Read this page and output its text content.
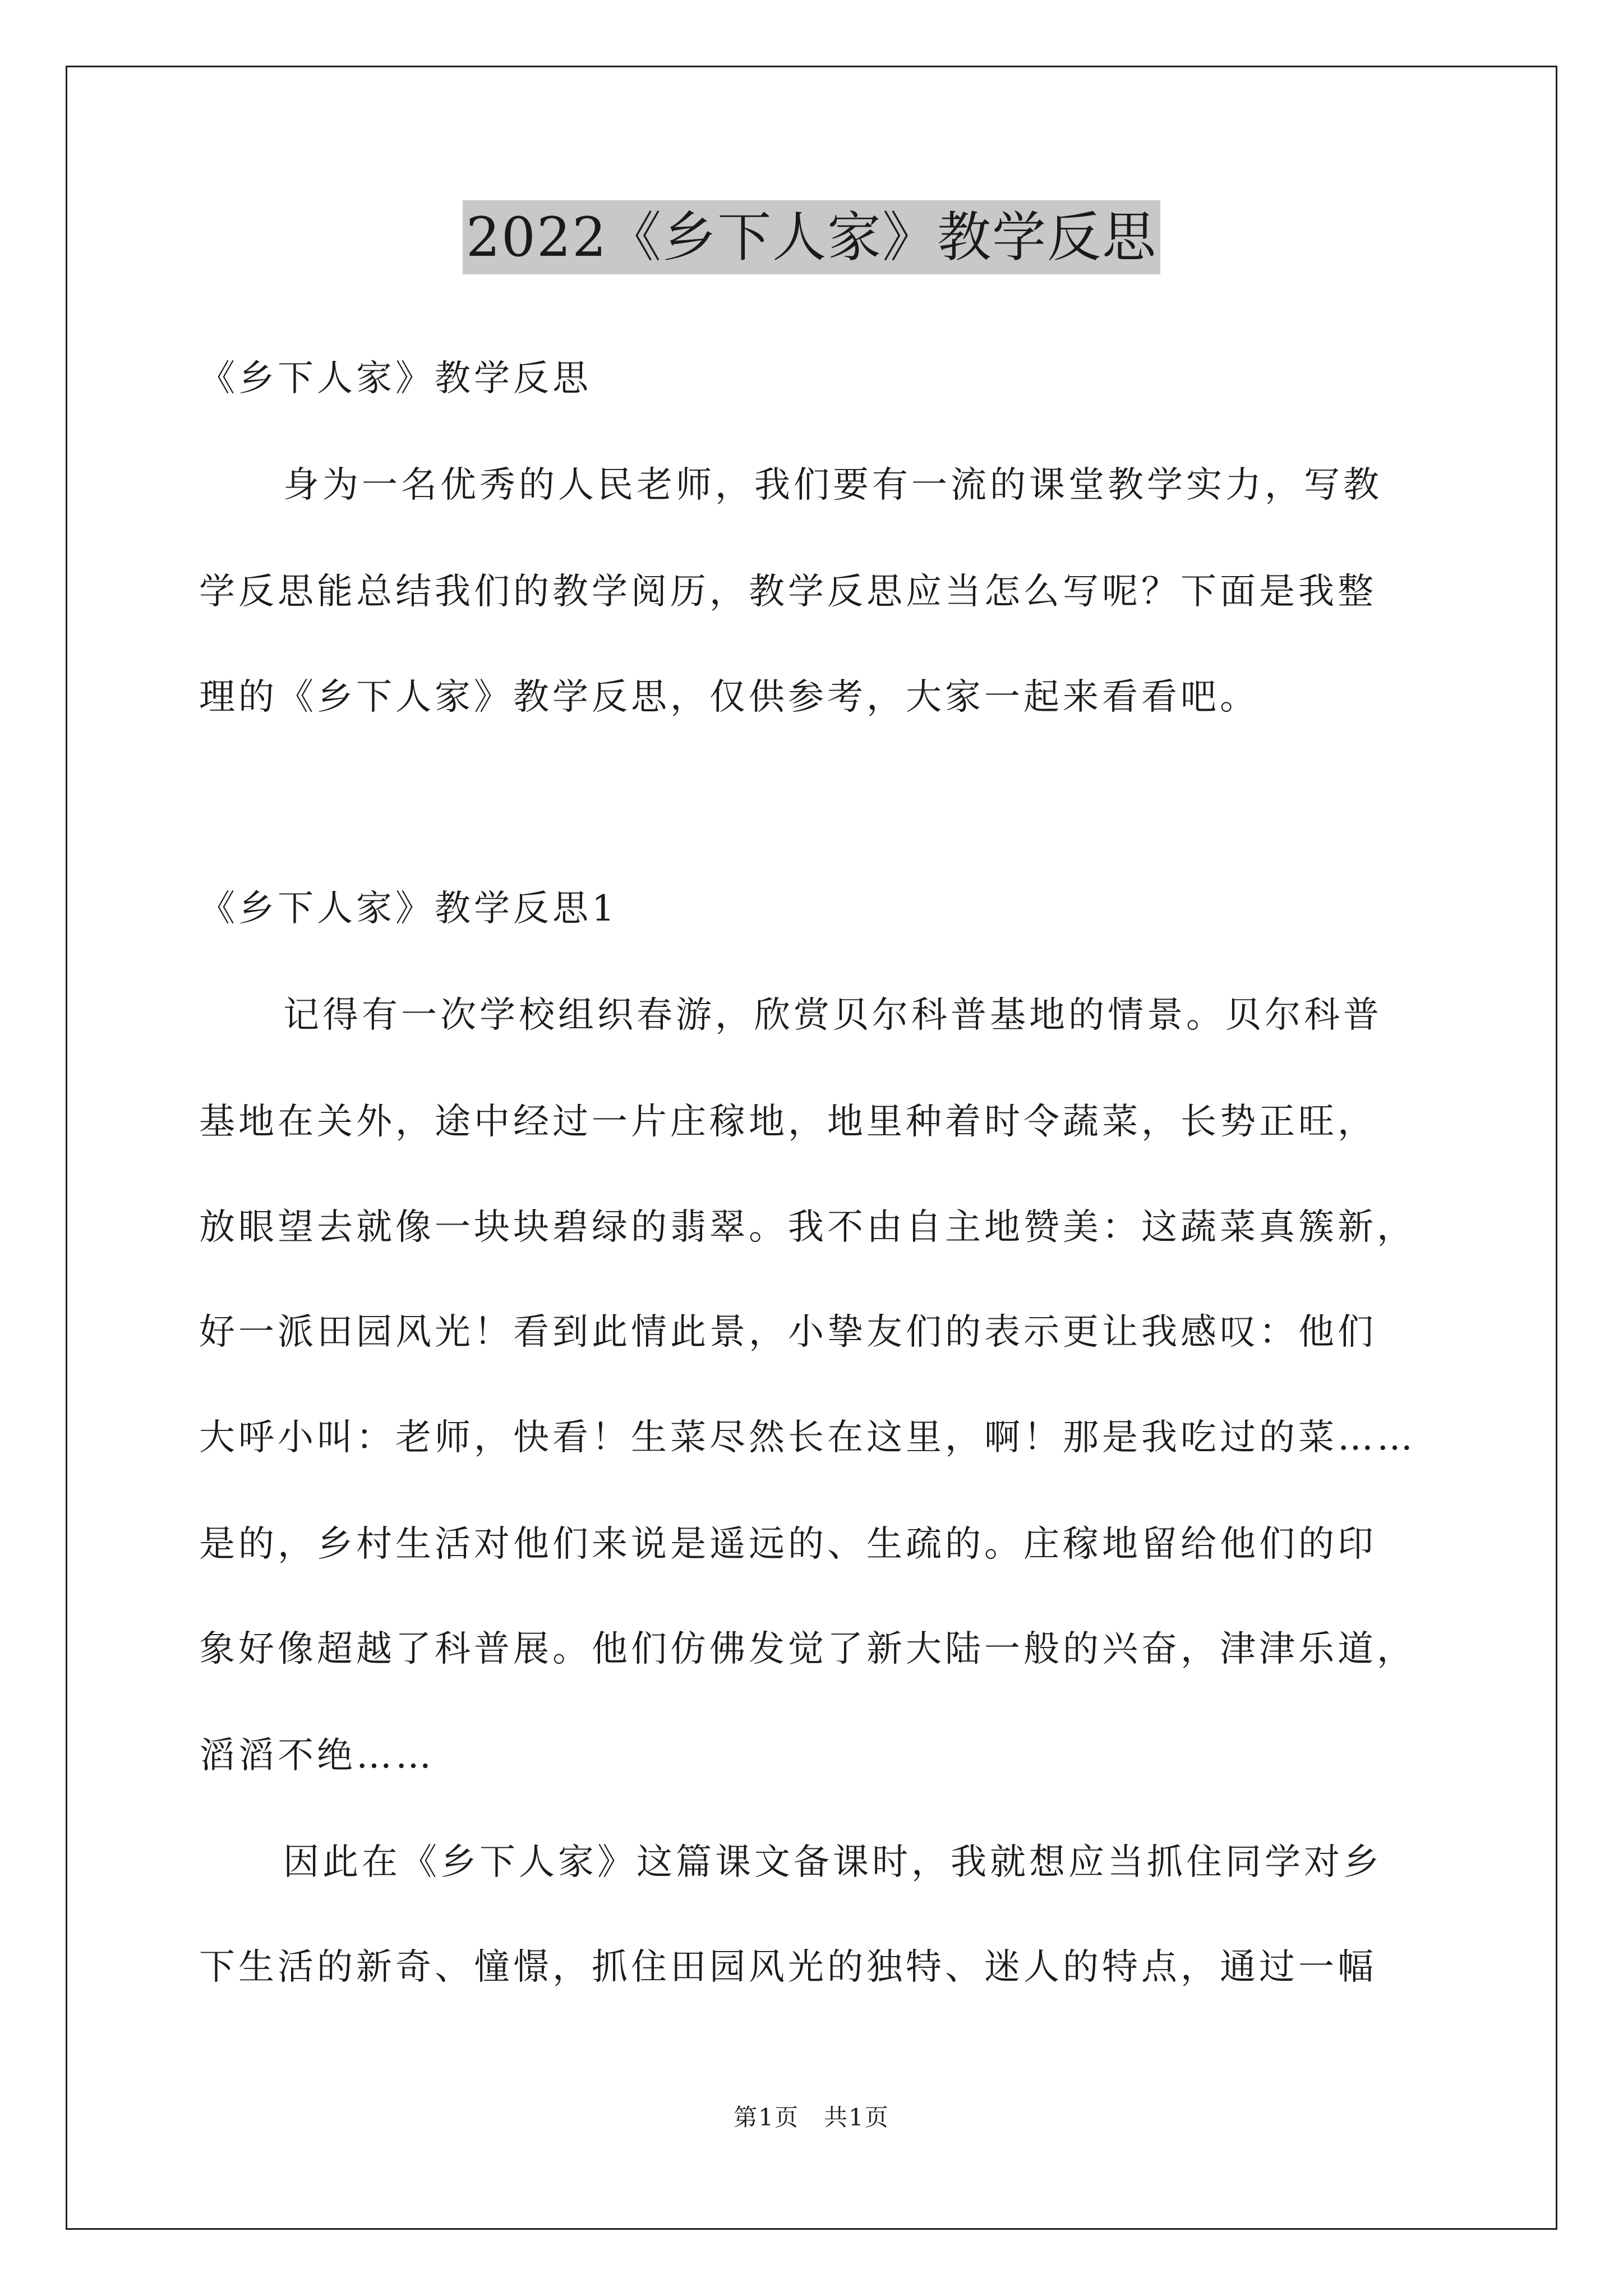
2022《乡下人家》教学反思
《乡下人家》教学反思
身为一名优秀的人民老师，我们要有一流的课堂教学实力，写教
学反思能总结我们的教学阅历，教学反思应当怎么写呢？下面是我整
理的《乡下人家》教学反思，仅供参考，大家一起来看看吧。
《乡下人家》教学反思1
记得有一次学校组织春游，欣赏贝尔科普基地的情景。贝尔科普
基地在关外，途中经过一片庄稼地，地里种着时令蔬菜，长势正旺，
放眼望去就像一块块碧绿的翡翠。我不由自主地赞美：这蔬菜真簇新，
好一派田园风光！看到此情此景，小挚友们的表示更让我感叹：他们
大呼小叫：老师，快看！生菜尽然长在这里，啊！那是我吃过的菜……
是的，乡村生活对他们来说是遥远的、生疏的。庄稼地留给他们的印
象好像超越了科普展。他们仿佛发觉了新大陆一般的兴奋，津津乐道，
滔滔不绝……
因此在《乡下人家》这篇课文备课时，我就想应当抓住同学对乡
下生活的新奇、憧憬，抓住田园风光的独特、迷人的特点，通过一幅
第1页　共1页
